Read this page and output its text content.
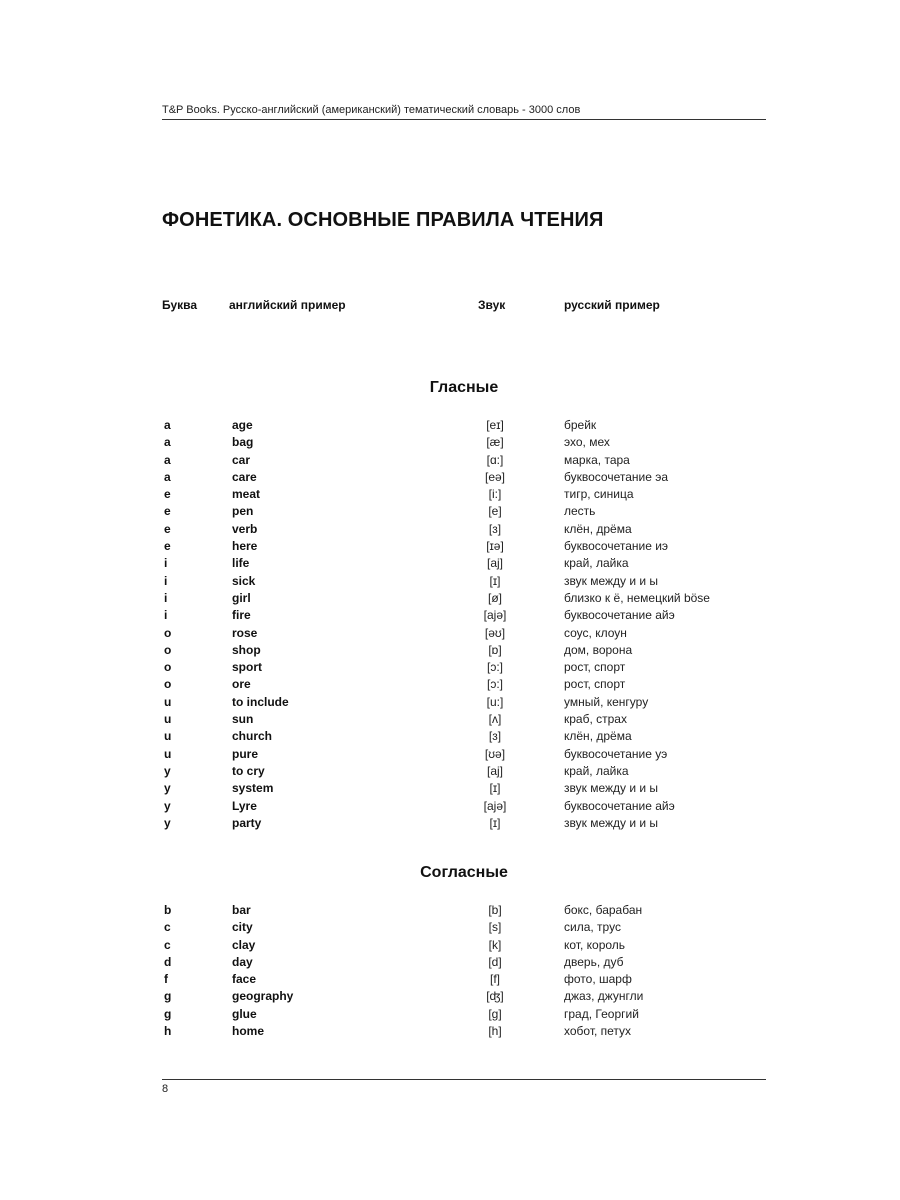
T&P Books. Русско-английский (американский) тематический словарь - 3000 слов
ФОНЕТИКА. ОСНОВНЫЕ ПРАВИЛА ЧТЕНИЯ
Буква	английский пример	Звук	русский пример
Гласные
a	age	[eɪ]	брейк
a	bag	[æ]	эхо, мех
a	car	[ɑ:]	марка, тара
a	care	[eə]	буквосочетание эа
e	meat	[i:]	тигр, синица
e	pen	[e]	лесть
e	verb	[ɜ]	клён, дрёма
e	here	[ɪə]	буквосочетание иэ
i	life	[aj]	край, лайка
i	sick	[ɪ]	звук между и и ы
i	girl	[ø]	близко к ё, немецкий böse
i	fire	[ajə]	буквосочетание айэ
o	rose	[əʊ]	соус, клоун
o	shop	[ɒ]	дом, ворона
o	sport	[ɔ:]	рост, спорт
o	ore	[ɔ:]	рост, спорт
u	to include	[u:]	умный, кенгуру
u	sun	[ʌ]	краб, страх
u	church	[ɜ]	клён, дрёма
u	pure	[ʊə]	буквосочетание уэ
y	to cry	[aj]	край, лайка
y	system	[ɪ]	звук между и и ы
y	Lyre	[ajə]	буквосочетание айэ
y	party	[ɪ]	звук между и и ы
Согласные
b	bar	[b]	бокс, барабан
c	city	[s]	сила, трус
c	clay	[k]	кот, король
d	day	[d]	дверь, дуб
f	face	[f]	фото, шарф
g	geography	[ʤ]	джаз, джунгли
g	glue	[g]	град, Георгий
h	home	[h]	хобот, петух
8
